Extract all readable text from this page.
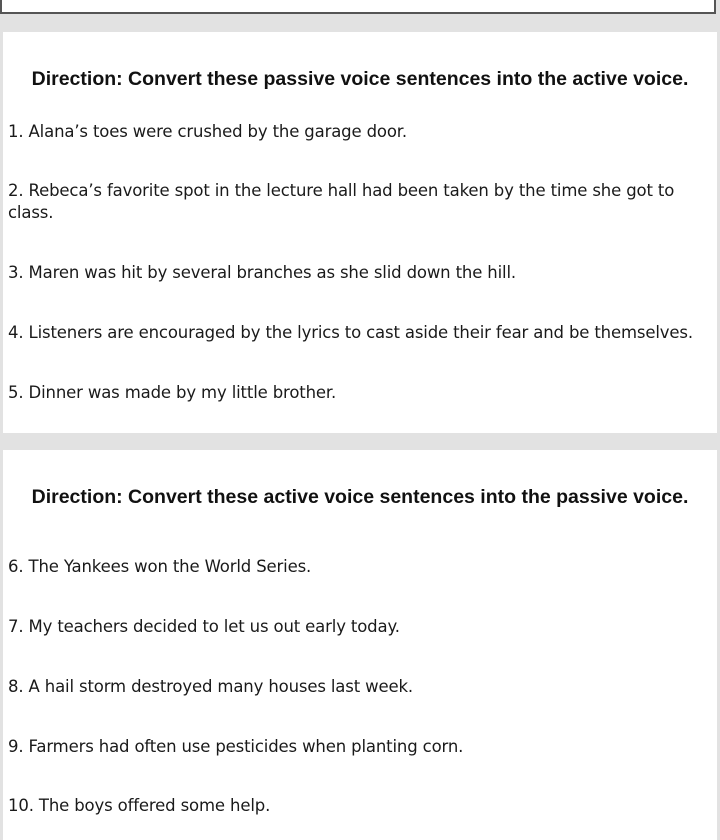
Direction: Convert these passive voice sentences into the active voice.

1. Alana’s toes were crushed by the garage door.

2. Rebeca’s favorite spot in the lecture hall had been taken by the time she got to class.

3. Maren was hit by several branches as she slid down the hill.

4. Listeners are encouraged by the lyrics to cast aside their fear and be themselves.

5. Dinner was made by my little brother.

Direction: Convert these active voice sentences into the passive voice.

6. The Yankees won the World Series.

7. My teachers decided to let us out early today.

8. A hail storm destroyed many houses last week.

9. Farmers had often use pesticides when planting corn.

10. The boys offered some help.
